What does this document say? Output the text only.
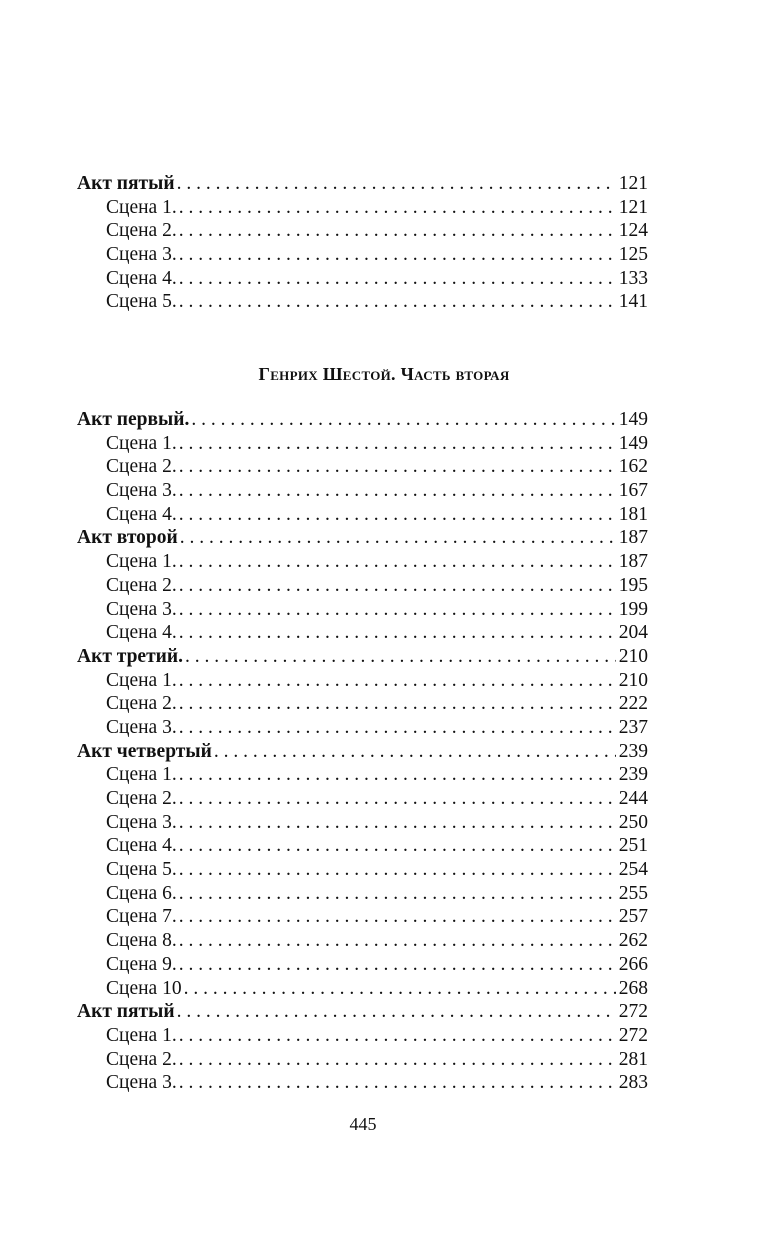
Акт пятый . . .	121
Сцена 1. . . .	121
Сцена 2. . . .	124
Сцена 3. . . .	125
Сцена 4. . . .	133
Сцена 5. . . .	141
Генрих Шестой. Часть вторая
Акт первый. . . .	149
Сцена 1. . . .	149
Сцена 2. . . .	162
Сцена 3. . . .	167
Сцена 4. . . .	181
Акт второй . . .	187
Сцена 1. . . .	187
Сцена 2. . . .	195
Сцена 3. . . .	199
Сцена 4. . . .	204
Акт третий. . . .	210
Сцена 1. . . .	210
Сцена 2. . . .	222
Сцена 3. . . .	237
Акт четвертый . . .	239
Сцена 1. . . .	239
Сцена 2. . . .	244
Сцена 3. . . .	250
Сцена 4. . . .	251
Сцена 5. . . .	254
Сцена 6. . . .	255
Сцена 7. . . .	257
Сцена 8. . . .	262
Сцена 9. . . .	266
Сцена 10 . . .	268
Акт пятый . . .	272
Сцена 1. . . .	272
Сцена 2. . . .	281
Сцена 3. . . .	283
445
